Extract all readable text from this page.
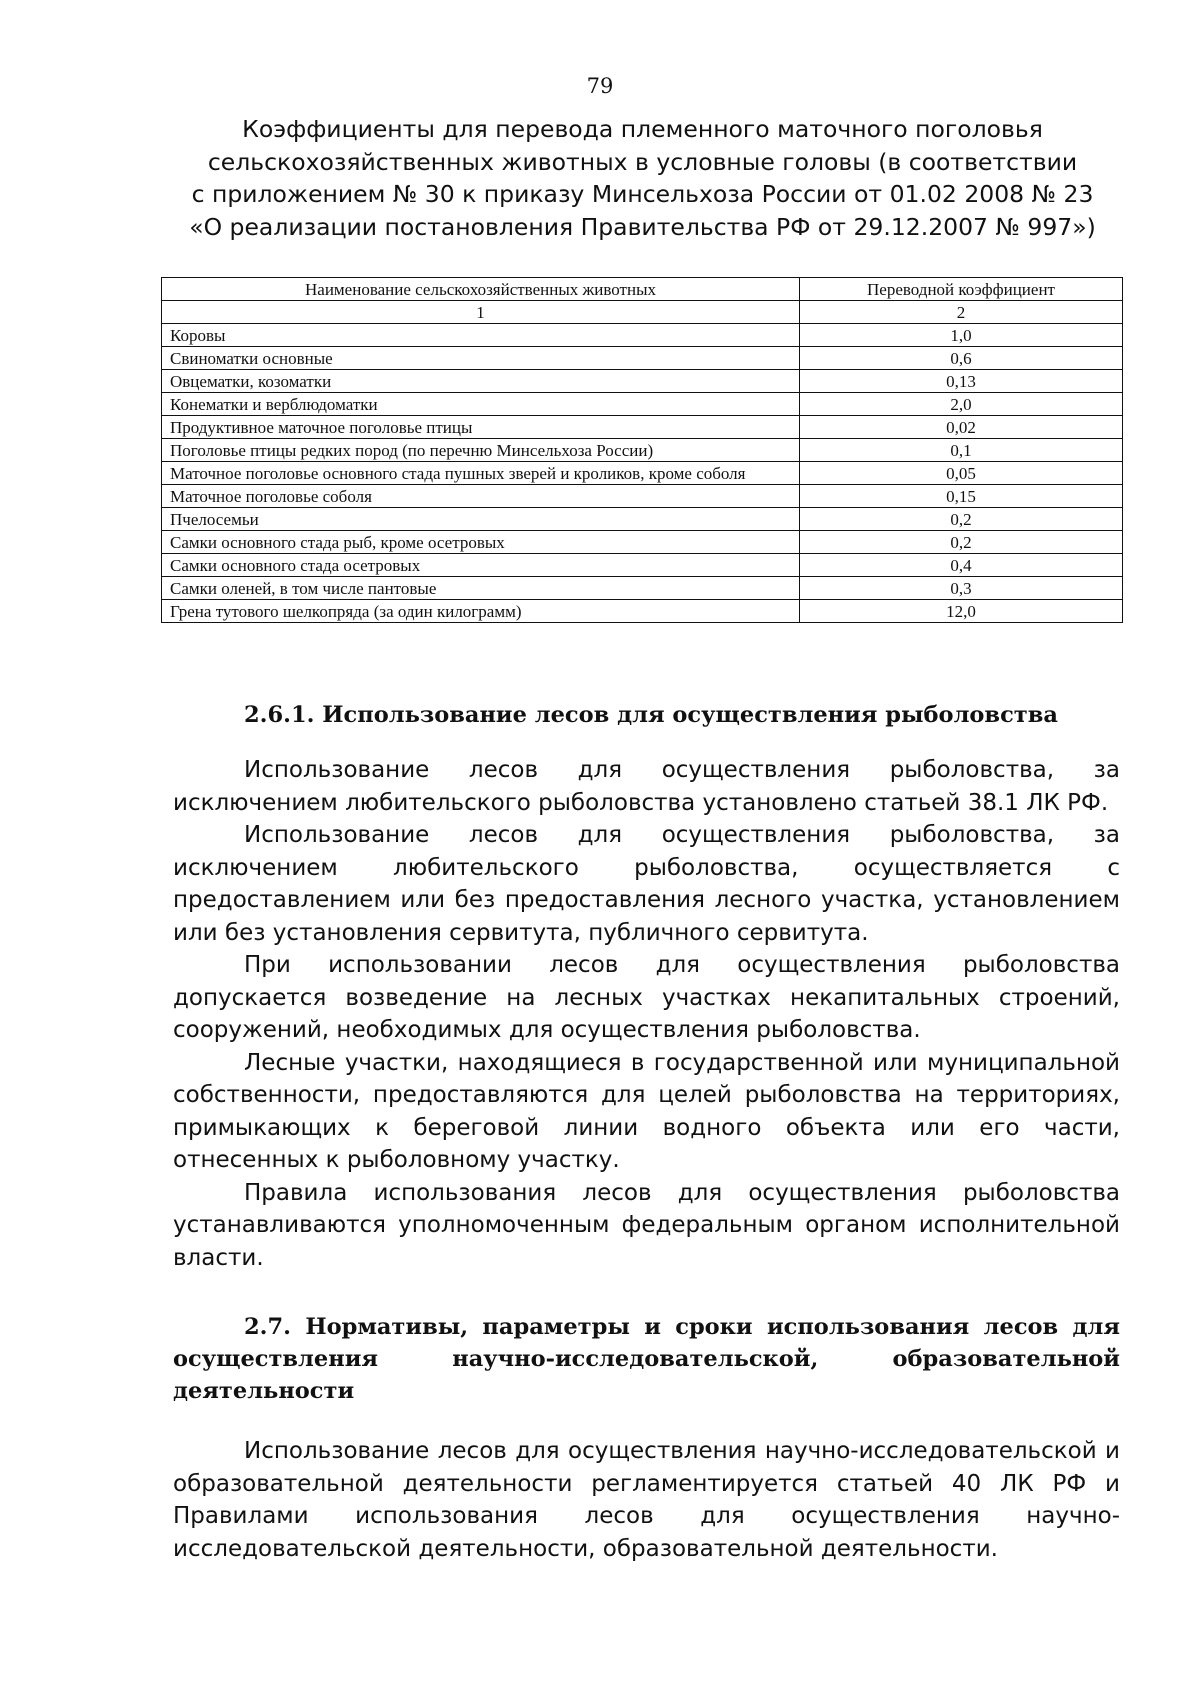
79
Коэффициенты для перевода племенного маточного поголовья
сельскохозяйственных животных в условные головы (в соответствии
с приложением № 30 к приказу Минсельхоза России от 01.02 2008 № 23
«О реализации постановления Правительства РФ от 29.12.2007 № 997»)
Наименование сельскохозяйственных животных	Переводной коэффициент
1	2
Коровы	1,0
Свиноматки основные	0,6
Овцематки, козоматки	0,13
Конематки и верблюдоматки	2,0
Продуктивное маточное поголовье птицы	0,02
Поголовье птицы редких пород (по перечню Минсельхоза России)	0,1
Маточное поголовье основного стада пушных зверей и кроликов, кроме соболя	0,05
Маточное поголовье соболя	0,15
Пчелосемьи	0,2
Самки основного стада рыб, кроме осетровых	0,2
Самки основного стада осетровых	0,4
Самки оленей, в том числе пантовые	0,3
Грена тутового шелкопряда (за один килограмм)	12,0
2.6.1. Использование лесов для осуществления рыболовства

Использование лесов для осуществления рыболовства, за исключением любительского рыболовства установлено статьей 38.1 ЛК РФ.

Использование лесов для осуществления рыболовства, за исключением любительского рыболовства, осуществляется с предоставлением или без предоставления лесного участка, установлением или без установления сервитута, публичного сервитута.

При использовании лесов для осуществления рыболовства допускается возведение на лесных участках некапитальных строений, сооружений, необходимых для осуществления рыболовства.

Лесные участки, находящиеся в государственной или муниципальной собственности, предоставляются для целей рыболовства на территориях, примыкающих к береговой линии водного объекта или его части, отнесенных к рыболовному участку.

Правила использования лесов для осуществления рыболовства устанавливаются уполномоченным федеральным органом исполнительной власти.

2.7. Нормативы, параметры и сроки использования лесов для
осуществления научно-исследовательской, образовательной
деятельности

Использование лесов для осуществления научно-исследовательской и образовательной деятельности регламентируется статьей 40 ЛК РФ и Правилами использования лесов для осуществления научно-исследовательской деятельности, образовательной деятельности.
